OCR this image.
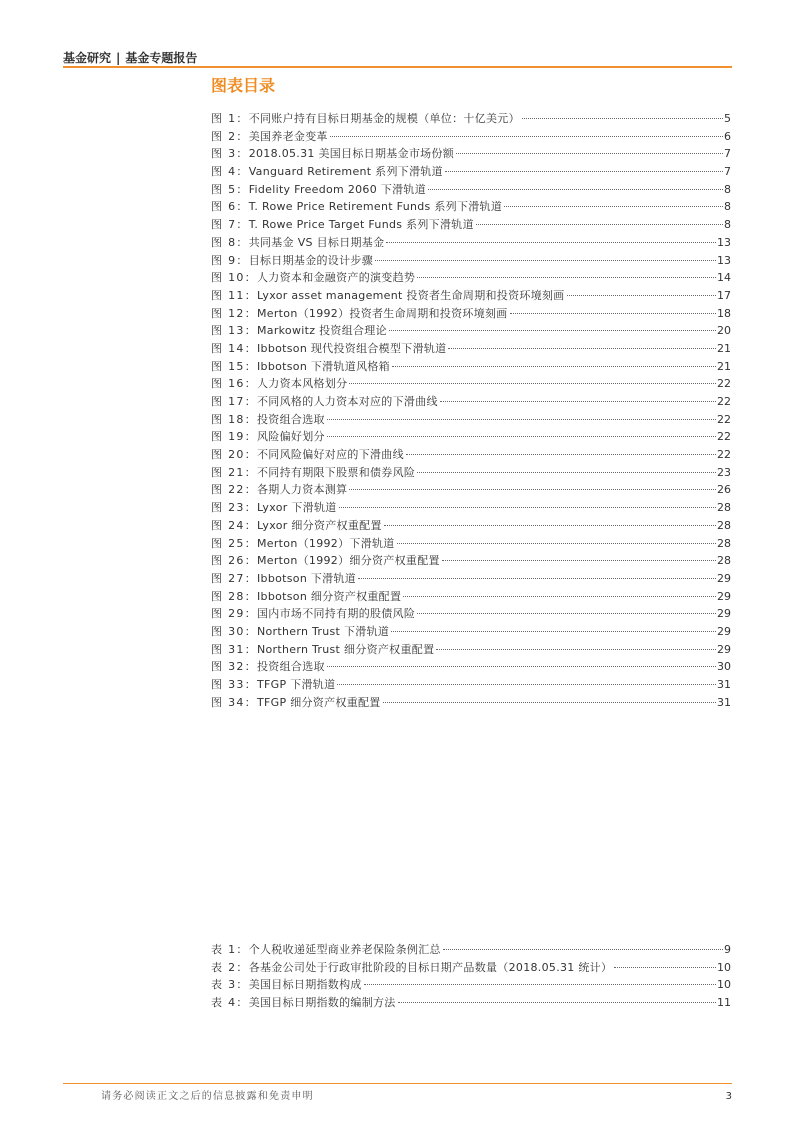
基金研究 | 基金专题报告
图表目录
图 1： 不同账户持有目标日期基金的规模（单位：十亿美元）	5
图 2： 美国养老金变革	6
图 3： 2018.05.31 美国目标日期基金市场份额	7
图 4： Vanguard Retirement 系列下滑轨道	7
图 5： Fidelity Freedom 2060 下滑轨道	8
图 6： T. Rowe Price Retirement Funds 系列下滑轨道	8
图 7： T. Rowe Price Target Funds 系列下滑轨道	8
图 8： 共同基金 VS 目标日期基金	13
图 9： 目标日期基金的设计步骤	13
图 10： 人力资本和金融资产的演变趋势	14
图 11： Lyxor asset management 投资者生命周期和投资环境刻画	17
图 12： Merton（1992）投资者生命周期和投资环境刻画	18
图 13： Markowitz 投资组合理论	20
图 14： Ibbotson 现代投资组合模型下滑轨道	21
图 15： Ibbotson 下滑轨道风格箱	21
图 16： 人力资本风格划分	22
图 17： 不同风格的人力资本对应的下滑曲线	22
图 18： 投资组合选取	22
图 19： 风险偏好划分	22
图 20： 不同风险偏好对应的下滑曲线	22
图 21： 不同持有期限下股票和债券风险	23
图 22： 各期人力资本测算	26
图 23： Lyxor 下滑轨道	28
图 24： Lyxor 细分资产权重配置	28
图 25： Merton（1992）下滑轨道	28
图 26： Merton（1992）细分资产权重配置	28
图 27： Ibbotson 下滑轨道	29
图 28： Ibbotson 细分资产权重配置	29
图 29： 国内市场不同持有期的股债风险	29
图 30： Northern Trust 下滑轨道	29
图 31： Northern Trust 细分资产权重配置	29
图 32： 投资组合选取	30
图 33： TFGP 下滑轨道	31
图 34： TFGP 细分资产权重配置	31
表 1： 个人税收递延型商业养老保险条例汇总	9
表 2： 各基金公司处于行政审批阶段的目标日期产品数量（2018.05.31 统计）	10
表 3： 美国目标日期指数构成	10
表 4： 美国目标日期指数的编制方法	11
请务必阅读正文之后的信息披露和免责申明	3
